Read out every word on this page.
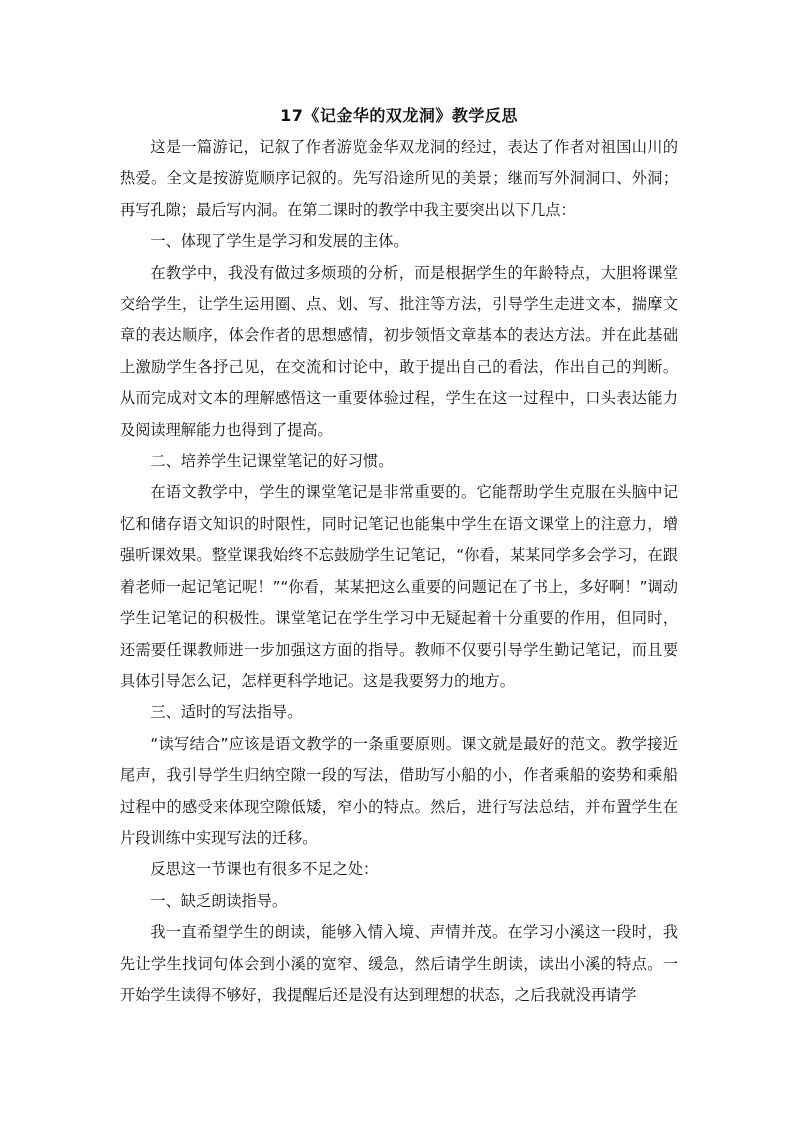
17《记金华的双龙洞》教学反思

这是一篇游记，记叙了作者游览金华双龙洞的经过，表达了作者对祖国山川的热爱。全文是按游览顺序记叙的。先写沿途所见的美景；继而写外洞洞口、外洞；再写孔隙；最后写内洞。在第二课时的教学中我主要突出以下几点：

一、体现了学生是学习和发展的主体。

在教学中，我没有做过多烦琐的分析，而是根据学生的年龄特点，大胆将课堂交给学生，让学生运用圈、点、划、写、批注等方法，引导学生走进文本，揣摩文章的表达顺序，体会作者的思想感情，初步领悟文章基本的表达方法。并在此基础上激励学生各抒己见，在交流和讨论中，敢于提出自己的看法，作出自己的判断。从而完成对文本的理解感悟这一重要体验过程，学生在这一过程中，口头表达能力及阅读理解能力也得到了提高。

二、培养学生记课堂笔记的好习惯。

在语文教学中，学生的课堂笔记是非常重要的。它能帮助学生克服在头脑中记忆和储存语文知识的时限性，同时记笔记也能集中学生在语文课堂上的注意力，增强听课效果。整堂课我始终不忘鼓励学生记笔记，“你看，某某同学多会学习，在跟着老师一起记笔记呢！”“你看，某某把这么重要的问题记在了书上，多好啊！”调动学生记笔记的积极性。课堂笔记在学生学习中无疑起着十分重要的作用，但同时，还需要任课教师进一步加强这方面的指导。教师不仅要引导学生勤记笔记，而且要具体引导怎么记，怎样更科学地记。这是我要努力的地方。

三、适时的写法指导。

“读写结合”应该是语文教学的一条重要原则。课文就是最好的范文。教学接近尾声，我引导学生归纳空隙一段的写法，借助写小船的小，作者乘船的姿势和乘船过程中的感受来体现空隙低矮，窄小的特点。然后，进行写法总结，并布置学生在片段训练中实现写法的迁移。

反思这一节课也有很多不足之处：

一、缺乏朗读指导。

我一直希望学生的朗读，能够入情入境、声情并茂。在学习小溪这一段时，我先让学生找词句体会到小溪的宽窄、缓急，然后请学生朗读，读出小溪的特点。一开始学生读得不够好，我提醒后还是没有达到理想的状态，之后我就没再请学
